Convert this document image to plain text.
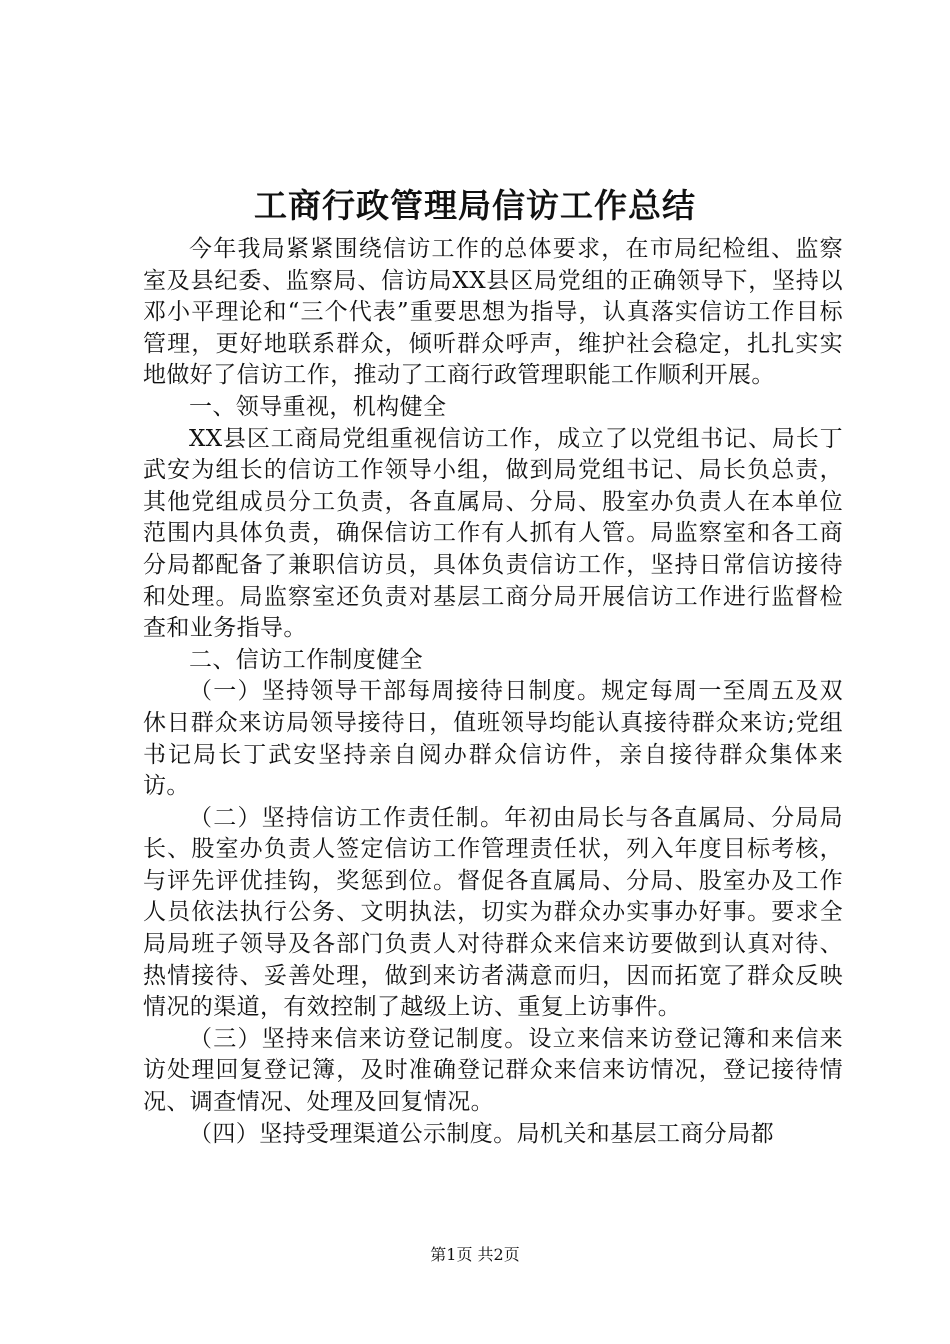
工商行政管理局信访工作总结

今年我局紧紧围绕信访工作的总体要求，在市局纪检组、监察室及县纪委、监察局、信访局XX县区局党组的正确领导下，坚持以邓小平理论和“三个代表”重要思想为指导，认真落实信访工作目标管理，更好地联系群众，倾听群众呼声，维护社会稳定，扎扎实实地做好了信访工作，推动了工商行政管理职能工作顺利开展。

一、领导重视，机构健全

XX县区工商局党组重视信访工作，成立了以党组书记、局长丁武安为组长的信访工作领导小组，做到局党组书记、局长负总责，其他党组成员分工负责，各直属局、分局、股室办负责人在本单位范围内具体负责，确保信访工作有人抓有人管。局监察室和各工商分局都配备了兼职信访员，具体负责信访工作，坚持日常信访接待和处理。局监察室还负责对基层工商分局开展信访工作进行监督检查和业务指导。

二、信访工作制度健全

（一）坚持领导干部每周接待日制度。规定每周一至周五及双休日群众来访局领导接待日，值班领导均能认真接待群众来访;党组书记局长丁武安坚持亲自阅办群众信访件，亲自接待群众集体来访。

（二）坚持信访工作责任制。年初由局长与各直属局、分局局长、股室办负责人签定信访工作管理责任状，列入年度目标考核，与评先评优挂钩，奖惩到位。督促各直属局、分局、股室办及工作人员依法执行公务、文明执法，切实为群众办实事办好事。要求全局局班子领导及各部门负责人对待群众来信来访要做到认真对待、热情接待、妥善处理，做到来访者满意而归，因而拓宽了群众反映情况的渠道，有效控制了越级上访、重复上访事件。

（三）坚持来信来访登记制度。设立来信来访登记簿和来信来访处理回复登记簿，及时准确登记群众来信来访情况，登记接待情况、调查情况、处理及回复情况。

（四）坚持受理渠道公示制度。局机关和基层工商分局都

第1页 共2页
